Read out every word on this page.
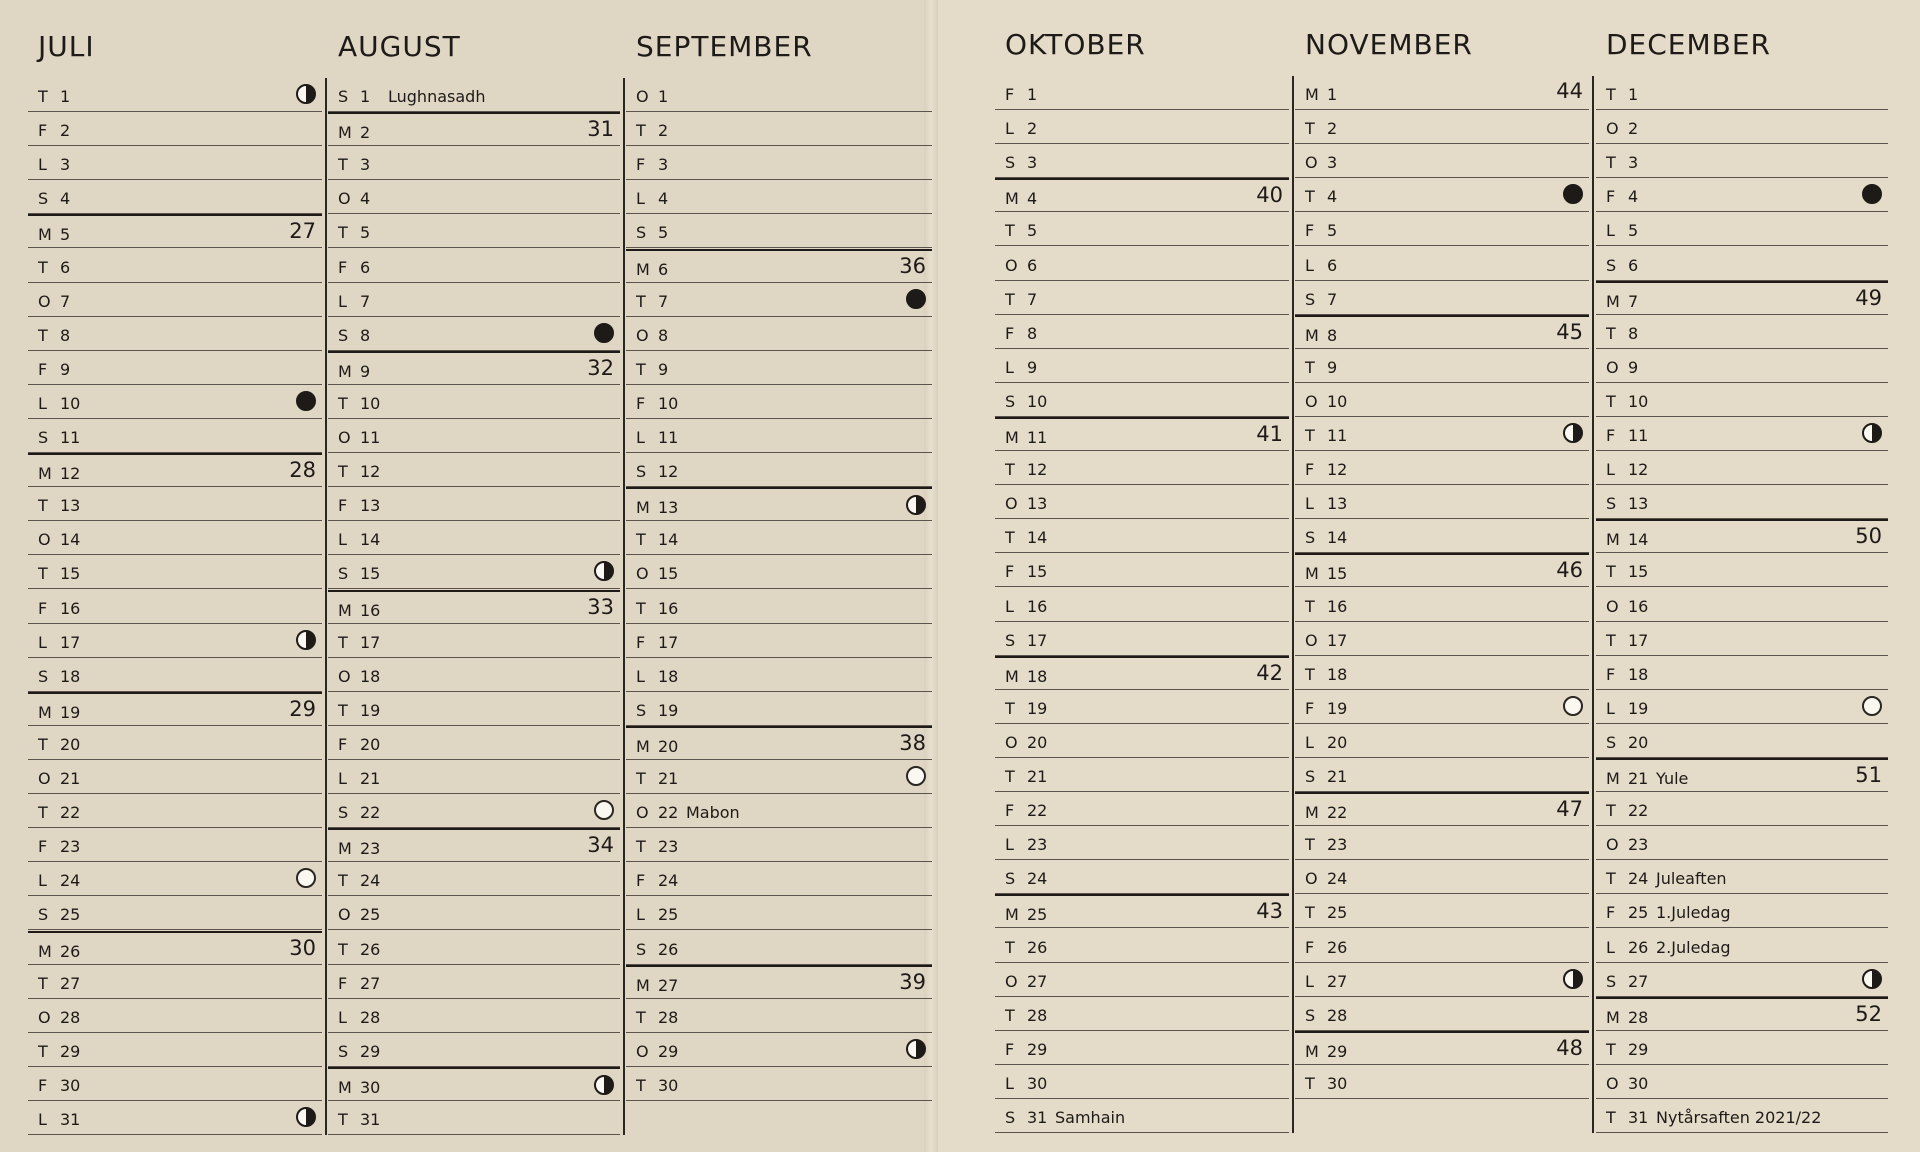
JULI
T 1
F 2
L 3
S 4
M 5	27
T 6
O 7
T 8
F 9
L 10
S 11
M 12	28
T 13
O 14
T 15
F 16
L 17
S 18
M 19	29
T 20
O 21
T 22
F 23
L 24
S 25
M 26	30
T 27
O 28
T 29
F 30
L 31
AUGUST
S 1 Lughnasadh
M 2	31
T 3
O 4
T 5
F 6
L 7
S 8
M 9	32
T 10
O 11
T 12
F 13
L 14
S 15
M 16	33
T 17
O 18
T 19
F 20
L 21
S 22
M 23	34
T 24
O 25
T 26
F 27
L 28
S 29
M 30
T 31
SEPTEMBER
O 1
T 2
F 3
L 4
S 5
M 6	36
T 7
O 8
T 9
F 10
L 11
S 12
M 13
T 14
O 15
T 16
F 17
L 18
S 19
M 20	38
T 21
O 22 Mabon
T 23
F 24
L 25
S 26
M 27	39
T 28
O 29
T 30
OKTOBER
F 1
L 2
S 3
M 4	40
T 5
O 6
T 7
F 8
L 9
S 10
M 11	41
T 12
O 13
T 14
F 15
L 16
S 17
M 18	42
T 19
O 20
T 21
F 22
L 23
S 24
M 25	43
T 26
O 27
T 28
F 29
L 30
S 31 Samhain
NOVEMBER
M 1	44
T 2
O 3
T 4
F 5
L 6
S 7
M 8	45
T 9
O 10
T 11
F 12
L 13
S 14
M 15	46
T 16
O 17
T 18
F 19
L 20
S 21
M 22	47
T 23
O 24
T 25
F 26
L 27
S 28
M 29	48
T 30
DECEMBER
T 1
O 2
T 3
F 4
L 5
S 6
M 7	49
T 8
O 9
T 10
F 11
L 12
S 13
M 14	50
T 15
O 16
T 17
F 18
L 19
S 20
M 21 Yule	51
T 22
O 23
T 24 Juleaften
F 25 1.Juledag
L 26 2.Juledag
S 27
M 28	52
T 29
O 30
T 31 Nytårsaften 2021/22
